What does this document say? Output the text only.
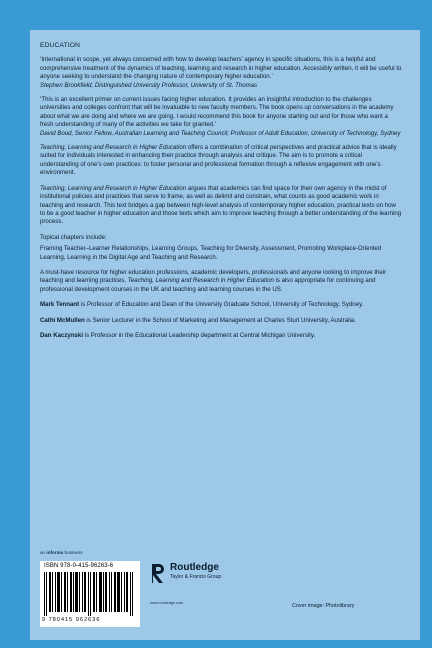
EDUCATION

‘International in scope, yet always concerned with how to develop teachers’ agency in specific situations, this is a helpful and comprehensive treatment of the dynamics of teaching, learning and research in higher education. Accessibly written, it will be useful to anyone seeking to understand the changing nature of contemporary higher education.’

Stephen Brookfield, Distinguished University Professor, University of St. Thomas

‘This is an excellent primer on current issues facing higher education. It provides an insightful introduction to the challenges universities and colleges confront that will be invaluable to new faculty members. The book opens up conversations in the academy about what we are doing and where we are going. I would recommend this book for anyone starting out and for those who want a fresh understanding of many of the activities we take for granted.’

David Boud, Senior Fellow, Australian Learning and Teaching Council; Professor of Adult Education, University of Technology, Sydney

Teaching, Learning and Research in Higher Education offers a combination of critical perspectives and practical advice that is ideally suited for individuals interested in enhancing their practice through analysis and critique. The aim is to promote a critical understanding of one’s own practices: to foster personal and professional formation through a reflexive engagement with one’s environment.

Teaching, Learning and Research in Higher Education argues that academics can find space for their own agency in the midst of institutional policies and practices that serve to frame, as well as delimit and constrain, what counts as good academic work in teaching and research. This text bridges a gap between high-level analysis of contemporary higher education, practical texts on how to be a good teacher in higher education and those texts which aim to improve teaching through a better understanding of the learning process.

Topical chapters include:

Framing Teacher–Learner Relationships, Learning Groups, Teaching for Diversity, Assessment, Promoting Workplace-Oriented Learning, Learning in the Digital Age and Teaching and Research.

A must-have resource for higher education professions, academic developers, professionals and anyone looking to improve their teaching and learning practices, Teaching, Learning and Research in Higher Education is also appropriate for continuing and professional development courses in the UK and teaching and learning courses in the US.

Mark Tennant is Professor of Education and Dean of the University Graduate School, University of Technology, Sydney.

Cathi McMullen is Senior Lecturer in the School of Marketing and Management at Charles Sturt University, Australia.

Dan Kaczynski is Professor in the Educational Leadership department at Central Michigan University.

an informa business
ISBN 978-0-415-96263-6
9 780415 962636
Routledge
Taylor & Francis Group
www.routledge.com	Cover image: Photolibrary
